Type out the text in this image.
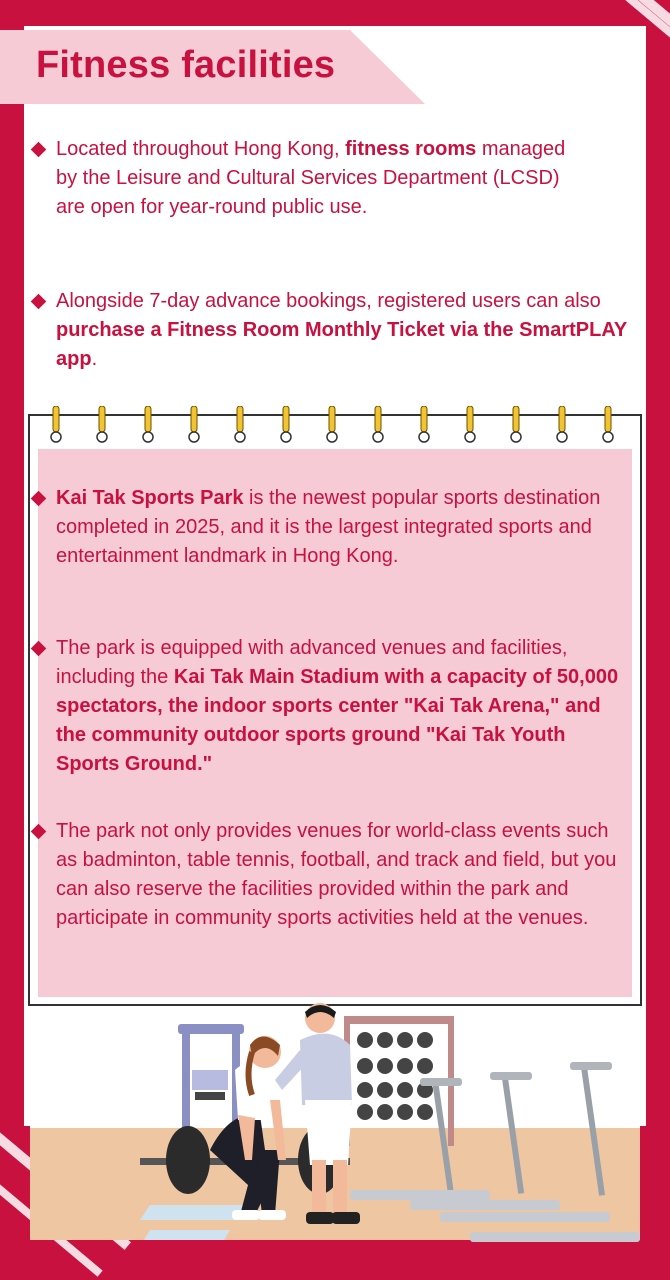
Fitness facilities

Located throughout Hong Kong, fitness rooms managed by the Leisure and Cultural Services Department (LCSD) are open for year-round public use.

Alongside 7-day advance bookings, registered users can also purchase a Fitness Room Monthly Ticket via the SmartPLAY app.

Kai Tak Sports Park is the newest popular sports destination completed in 2025, and it is the largest integrated sports and entertainment landmark in Hong Kong.

The park is equipped with advanced venues and facilities, including the Kai Tak Main Stadium with a capacity of 50,000 spectators, the indoor sports center "Kai Tak Arena," and the community outdoor sports ground "Kai Tak Youth Sports Ground."

The park not only provides venues for world-class events such as badminton, table tennis, football, and track and field, but you can also reserve the facilities provided within the park and participate in community sports activities held at the venues.
